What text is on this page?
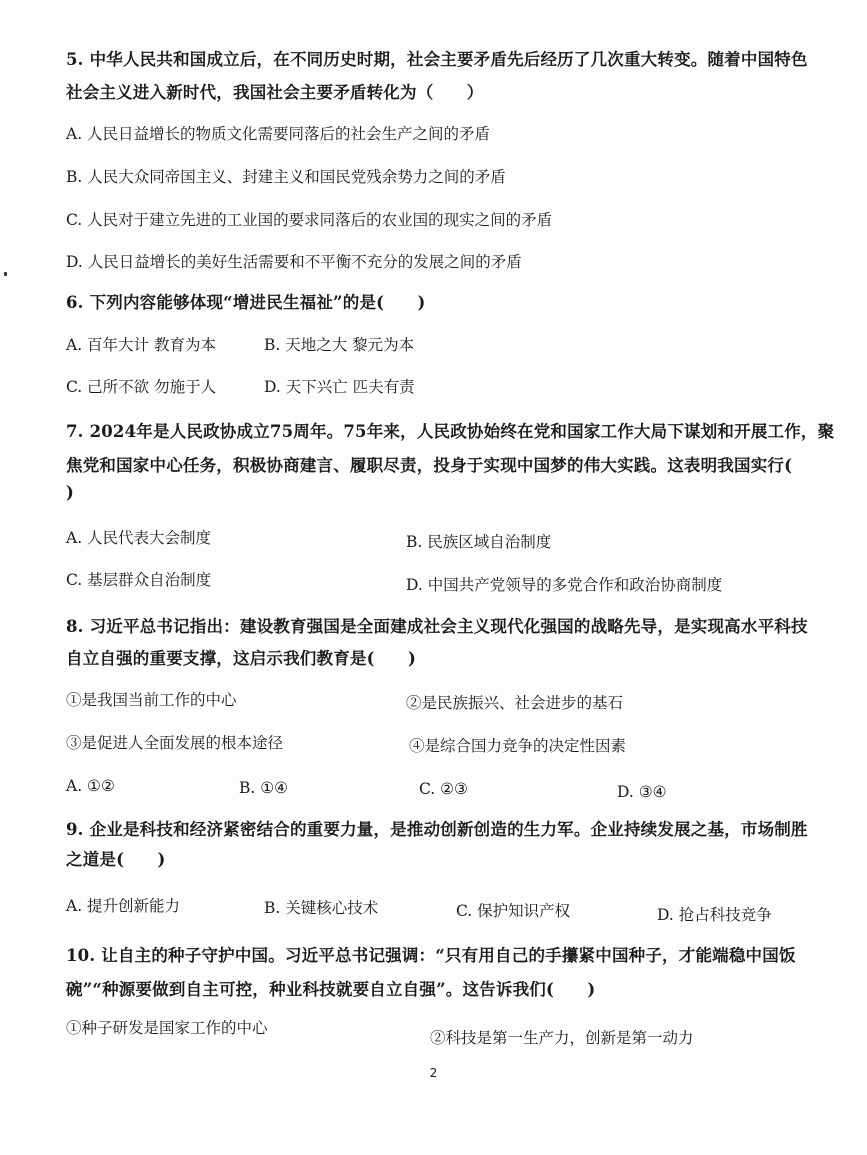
5. 中华人民共和国成立后，在不同历史时期，社会主要矛盾先后经历了几次重大转变。随着中国特色
社会主义进入新时代，我国社会主要矛盾转化为（　　）
A. 人民日益增长的物质文化需要同落后的社会生产之间的矛盾
B. 人民大众同帝国主义、封建主义和国民党残余势力之间的矛盾
C. 人民对于建立先进的工业国的要求同落后的农业国的现实之间的矛盾
D. 人民日益增长的美好生活需要和不平衡不充分的发展之间的矛盾
6. 下列内容能够体现“增进民生福祉”的是(　　)
A. 百年大计 教育为本	B. 天地之大 黎元为本
C. 己所不欲 勿施于人	D. 天下兴亡 匹夫有责
7. 2024年是人民政协成立75周年。75年来，人民政协始终在党和国家工作大局下谋划和开展工作，聚
焦党和国家中心任务，积极协商建言、履职尽责，投身于实现中国梦的伟大实践。这表明我国实行(
)
A. 人民代表大会制度	B. 民族区域自治制度
C. 基层群众自治制度	D. 中国共产党领导的多党合作和政治协商制度
8. 习近平总书记指出：建设教育强国是全面建成社会主义现代化强国的战略先导，是实现高水平科技
自立自强的重要支撑，这启示我们教育是(　　)
①是我国当前工作的中心	②是民族振兴、社会进步的基石
③是促进人全面发展的根本途径	④是综合国力竞争的决定性因素
A. ①②	B. ①④	C. ②③	D. ③④
9. 企业是科技和经济紧密结合的重要力量，是推动创新创造的生力军。企业持续发展之基，市场制胜
之道是(　　)
A. 提升创新能力	B. 关键核心技术	C. 保护知识产权	D. 抢占科技竞争
10. 让自主的种子守护中国。习近平总书记强调：“只有用自己的手攥紧中国种子，才能端稳中国饭
碗”“种源要做到自主可控，种业科技就要自立自强”。这告诉我们(　　)
①种子研发是国家工作的中心
②科技是第一生产力，创新是第一动力
2
